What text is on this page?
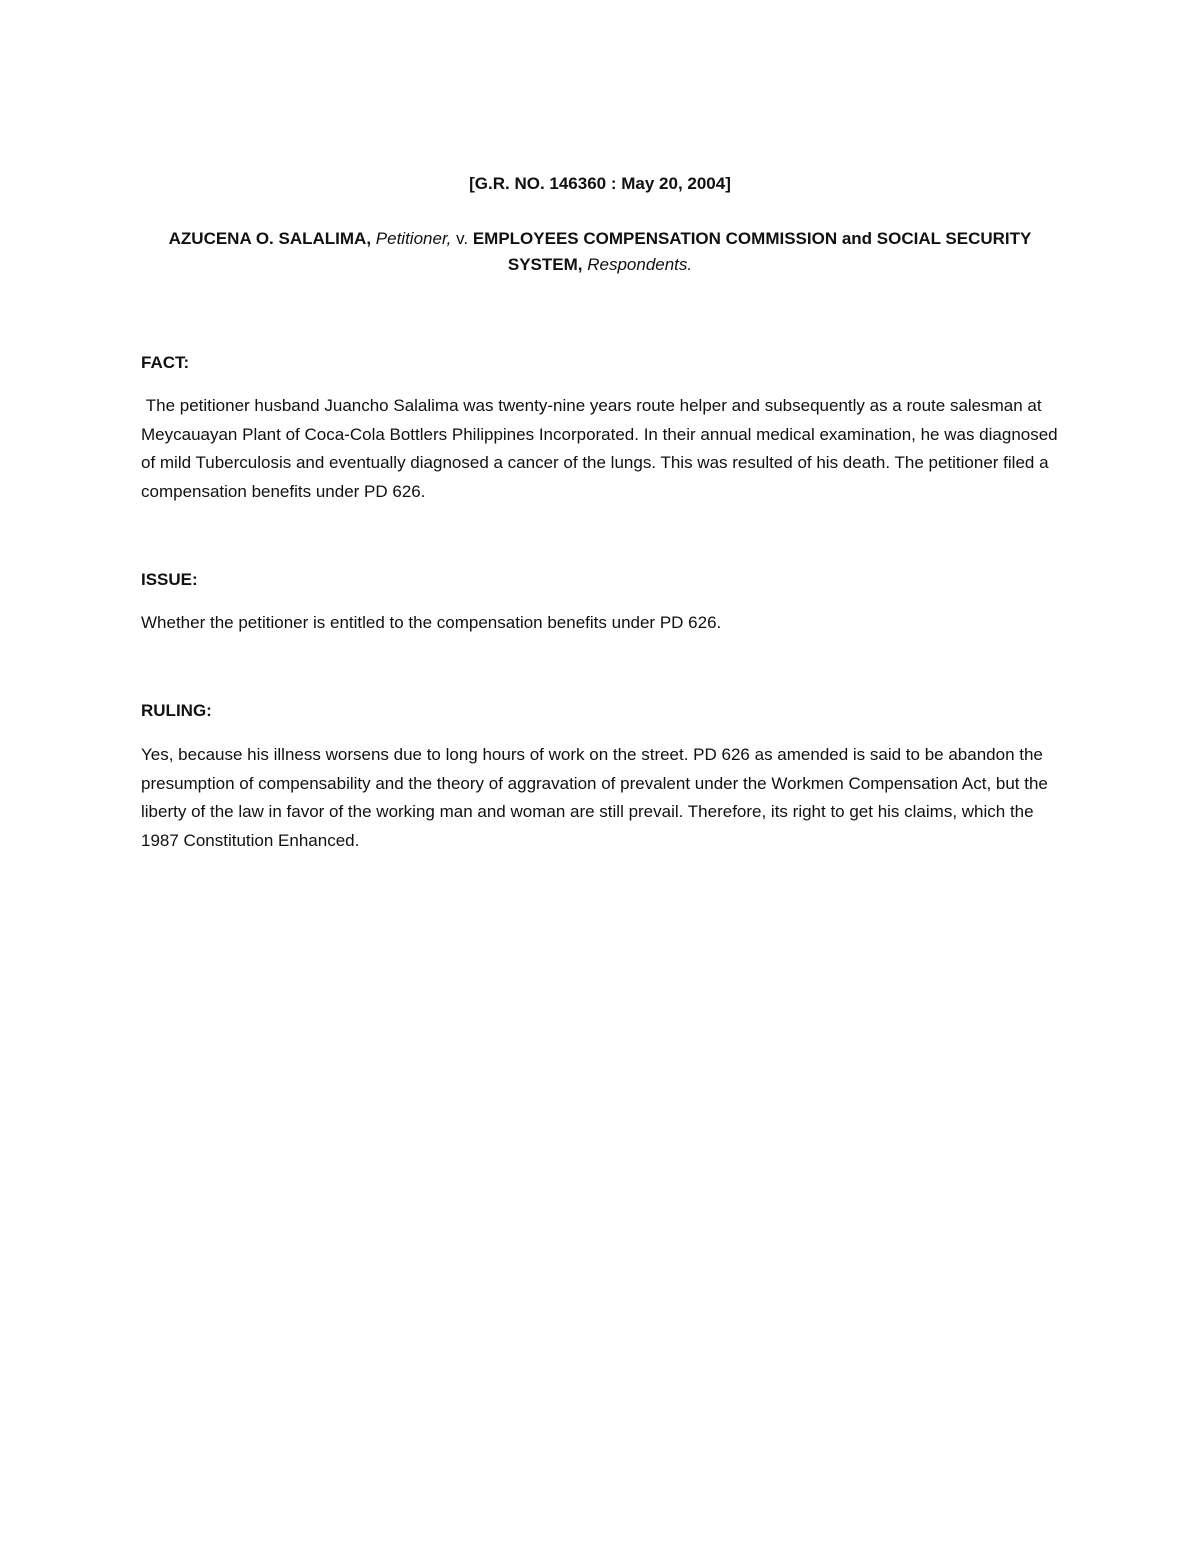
[G.R. NO. 146360 : May 20, 2004]
AZUCENA O. SALALIMA, Petitioner, v. EMPLOYEES COMPENSATION COMMISSION and SOCIAL SECURITY
SYSTEM, Respondents.
FACT:
The petitioner husband Juancho Salalima was twenty-nine years route helper and subsequently as a route salesman at Meycauayan Plant of Coca-Cola Bottlers Philippines Incorporated. In their annual medical examination, he was diagnosed of mild Tuberculosis and eventually diagnosed a cancer of the lungs. This was resulted of his death. The petitioner filed a compensation benefits under PD 626.
ISSUE:
Whether the petitioner is entitled to the compensation benefits under PD 626.
RULING:
Yes, because his illness worsens due to long hours of work on the street. PD 626 as amended is said to be abandon the presumption of compensability and the theory of aggravation of prevalent under the Workmen Compensation Act, but the liberty of the law in favor of the working man and woman are still prevail. Therefore, its right to get his claims, which the 1987 Constitution Enhanced.
